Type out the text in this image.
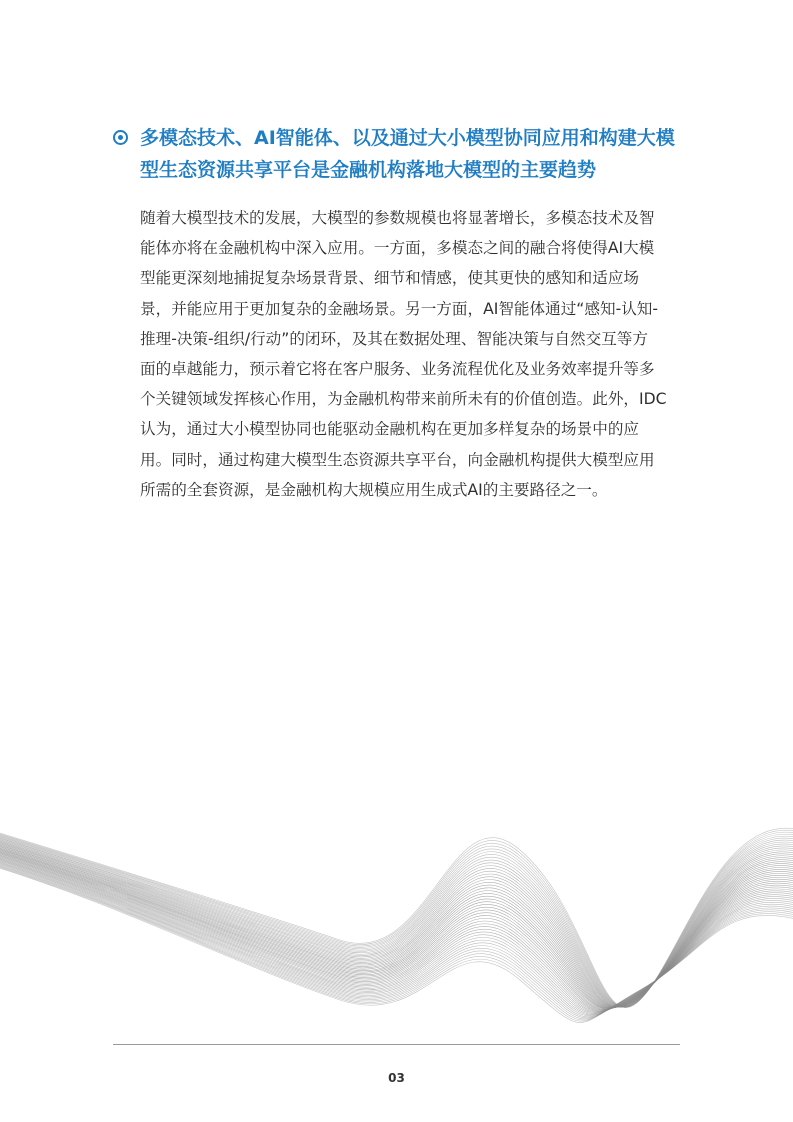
多模态技术、AI智能体、以及通过大小模型协同应用和构建大模
型生态资源共享平台是金融机构落地大模型的主要趋势
随着大模型技术的发展，大模型的参数规模也将显著增长，多模态技术及智
能体亦将在金融机构中深入应用。一方面，多模态之间的融合将使得AI大模
型能更深刻地捕捉复杂场景背景、细节和情感，使其更快的感知和适应场
景，并能应用于更加复杂的金融场景。另一方面，AI智能体通过“感知-认知-
推理-决策-组织/行动”的闭环，及其在数据处理、智能决策与自然交互等方
面的卓越能力，预示着它将在客户服务、业务流程优化及业务效率提升等多
个关键领域发挥核心作用，为金融机构带来前所未有的价值创造。此外，IDC
认为，通过大小模型协同也能驱动金融机构在更加多样复杂的场景中的应
用。同时，通过构建大模型生态资源共享平台，向金融机构提供大模型应用
所需的全套资源，是金融机构大规模应用生成式AI的主要路径之一。
03
